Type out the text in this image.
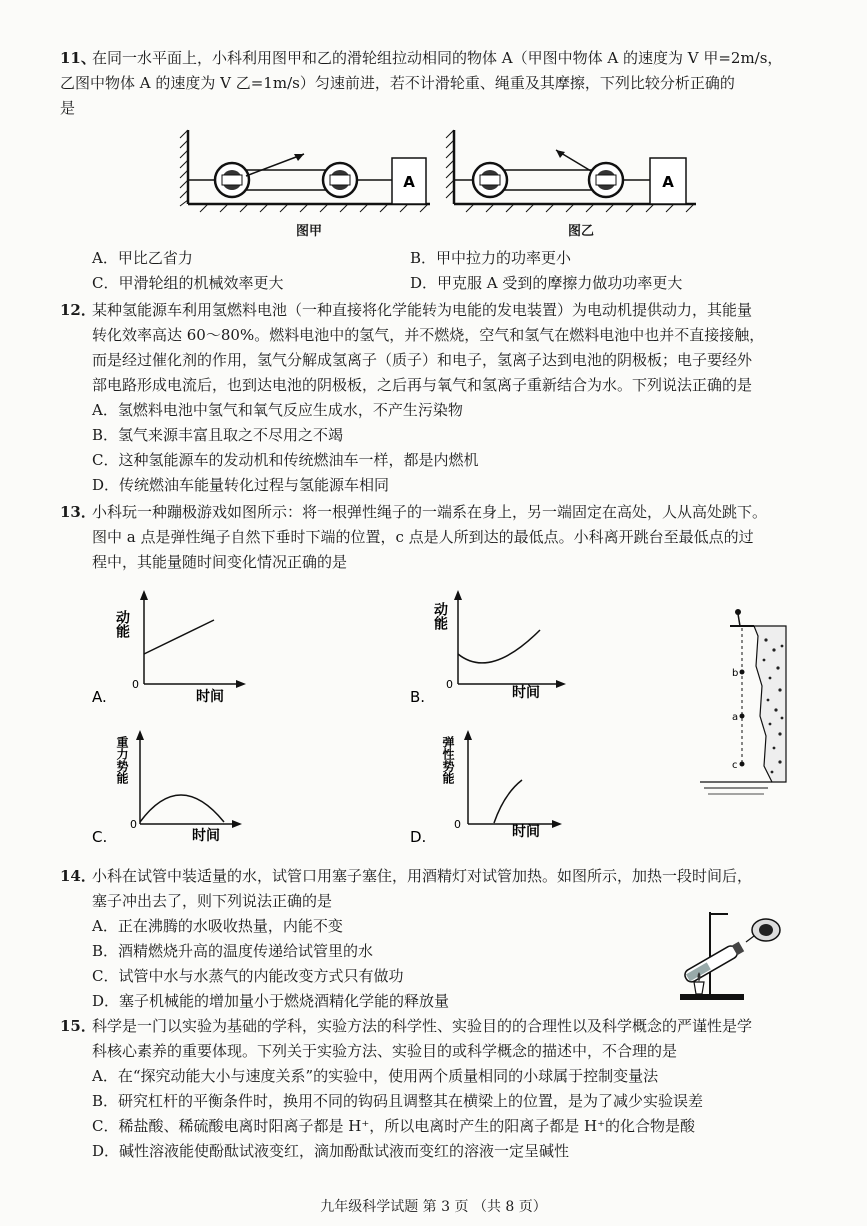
11、
在同一水平面上，小科利用图甲和乙的滑轮组拉动相同的物体 A（甲图中物体 A 的速度为 V 甲=2m/s，
乙图中物体 A 的速度为 V 乙=1m/s）匀速前进，若不计滑轮重、绳重及其摩擦，下列比较分析正确的
是
A
图甲
A
图乙
A．甲比乙省力	B．甲中拉力的功率更小
C．甲滑轮组的机械效率更大	D．甲克服 A 受到的摩擦力做功功率更大
12．
某种氢能源车利用氢燃料电池（一种直接将化学能转为电能的发电装置）为电动机提供动力，其能量
转化效率高达 60～80%。燃料电池中的氢气，并不燃烧，空气和氢气在燃料电池中也并不直接接触，
而是经过催化剂的作用，氢气分解成氢离子（质子）和电子，氢离子达到电池的阴极板；电子要经外
部电路形成电流后，也到达电池的阴极板，之后再与氧气和氢离子重新结合为水。下列说法正确的是
A．氢燃料电池中氢气和氧气反应生成水，不产生污染物
B．氢气来源丰富且取之不尽用之不竭
C．这种氢能源车的发动机和传统燃油车一样，都是内燃机
D．传统燃油车能量转化过程与氢能源车相同
13．
小科玩一种蹦极游戏如图所示：将一根弹性绳子的一端系在身上，另一端固定在高处，人从高处跳下。
图中 a 点是弹性绳子自然下垂时下端的位置，c 点是人所到达的最低点。小科离开跳台至最低点的过
程中，其能量随时间变化情况正确的是
动能
0
时间
A.
动能
0
时间
B.
重力势能
0
时间
C.
弹性势能
0	时间
D.
b
a
c
14．
小科在试管中装适量的水，试管口用塞子塞住，用酒精灯对试管加热。如图所示，加热一段时间后，
塞子冲出去了，则下列说法正确的是
A．正在沸腾的水吸收热量，内能不变
B．酒精燃烧升高的温度传递给试管里的水
C．试管中水与水蒸气的内能改变方式只有做功
D．塞子机械能的增加量小于燃烧酒精化学能的释放量
15．
科学是一门以实验为基础的学科，实验方法的科学性、实验目的的合理性以及科学概念的严谨性是学
科核心素养的重要体现。下列关于实验方法、实验目的或科学概念的描述中，不合理的是
A．在“探究动能大小与速度关系”的实验中，使用两个质量相同的小球属于控制变量法
B．研究杠杆的平衡条件时，换用不同的钩码且调整其在横梁上的位置，是为了减少实验误差
C．稀盐酸、稀硫酸电离时阳离子都是 H⁺，所以电离时产生的阳离子都是 H⁺的化合物是酸
D．碱性溶液能使酚酞试液变红，滴加酚酞试液而变红的溶液一定呈碱性
九年级科学试题 第 3 页 （共 8 页）
